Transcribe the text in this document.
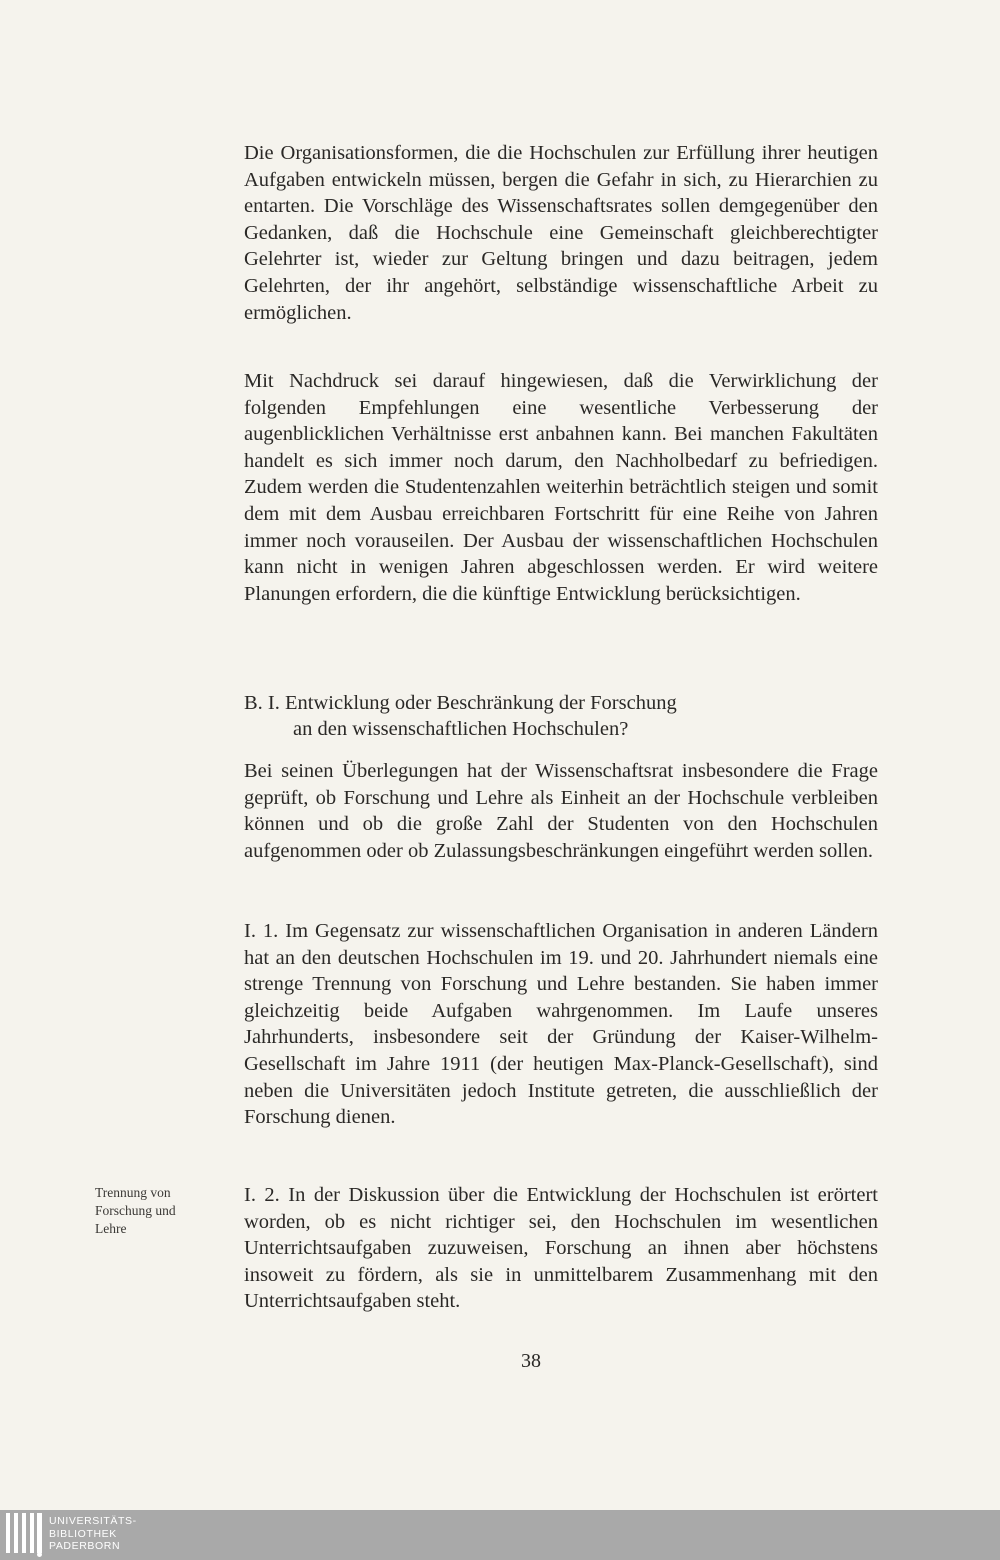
Die Organisationsformen, die die Hochschulen zur Erfüllung ihrer heutigen Aufgaben entwickeln müssen, bergen die Gefahr in sich, zu Hierarchien zu entarten. Die Vorschläge des Wissenschaftsrates sollen demgegenüber den Gedanken, daß die Hochschule eine Gemeinschaft gleichberechtigter Gelehrter ist, wieder zur Geltung bringen und dazu beitragen, jedem Gelehrten, der ihr angehört, selbständige wissenschaftliche Arbeit zu ermöglichen.
Mit Nachdruck sei darauf hingewiesen, daß die Verwirklichung der folgenden Empfehlungen eine wesentliche Verbesserung der augenblicklichen Verhältnisse erst anbahnen kann. Bei manchen Fakultäten handelt es sich immer noch darum, den Nachholbedarf zu befriedigen. Zudem werden die Studentenzahlen weiterhin beträchtlich steigen und somit dem mit dem Ausbau erreichbaren Fortschritt für eine Reihe von Jahren immer noch vorauseilen. Der Ausbau der wissenschaftlichen Hochschulen kann nicht in wenigen Jahren abgeschlossen werden. Er wird weitere Planungen erfordern, die die künftige Entwicklung berücksichtigen.
B. I. Entwicklung oder Beschränkung der Forschung
an den wissenschaftlichen Hochschulen?
Bei seinen Überlegungen hat der Wissenschaftsrat insbesondere die Frage geprüft, ob Forschung und Lehre als Einheit an der Hochschule verbleiben können und ob die große Zahl der Studenten von den Hochschulen aufgenommen oder ob Zulassungsbeschränkungen eingeführt werden sollen.
I. 1. Im Gegensatz zur wissenschaftlichen Organisation in anderen Ländern hat an den deutschen Hochschulen im 19. und 20. Jahrhundert niemals eine strenge Trennung von Forschung und Lehre bestanden. Sie haben immer gleichzeitig beide Aufgaben wahrgenommen. Im Laufe unseres Jahrhunderts, insbesondere seit der Gründung der Kaiser-Wilhelm-Gesellschaft im Jahre 1911 (der heutigen Max-Planck-Gesellschaft), sind neben die Universitäten jedoch Institute getreten, die ausschließlich der Forschung dienen.
Trennung von
Forschung und
Lehre
I. 2. In der Diskussion über die Entwicklung der Hochschulen ist erörtert worden, ob es nicht richtiger sei, den Hochschulen im wesentlichen Unterrichtsaufgaben zuzuweisen, Forschung an ihnen aber höchstens insoweit zu fördern, als sie in unmittelbarem Zusammenhang mit den Unterrichtsaufgaben steht.
38
UNIVERSITÄTS-
BIBLIOTHEK
PADERBORN
